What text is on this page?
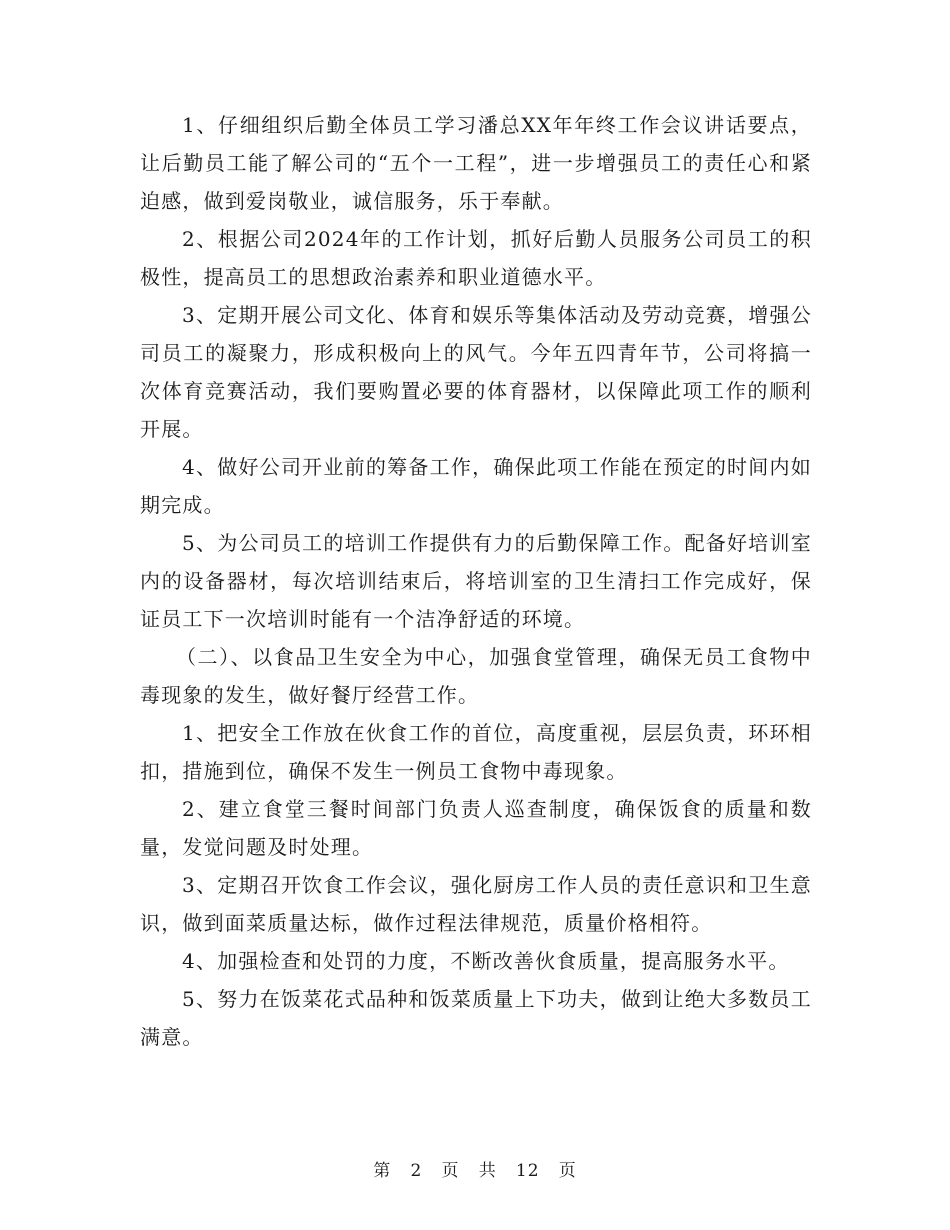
1、仔细组织后勤全体员工学习潘总XX年年终工作会议讲话要点，让后勤员工能了解公司的“五个一工程”，进一步增强员工的责任心和紧迫感，做到爱岗敬业，诚信服务，乐于奉献。

2、根据公司2024年的工作计划，抓好后勤人员服务公司员工的积极性，提高员工的思想政治素养和职业道德水平。

3、定期开展公司文化、体育和娱乐等集体活动及劳动竞赛，增强公司员工的凝聚力，形成积极向上的风气。今年五四青年节，公司将搞一次体育竞赛活动，我们要购置必要的体育器材，以保障此项工作的顺利开展。

4、做好公司开业前的筹备工作，确保此项工作能在预定的时间内如期完成。

5、为公司员工的培训工作提供有力的后勤保障工作。配备好培训室内的设备器材，每次培训结束后，将培训室的卫生清扫工作完成好，保证员工下一次培训时能有一个洁净舒适的环境。

（二）、以食品卫生安全为中心，加强食堂管理，确保无员工食物中毒现象的发生，做好餐厅经营工作。

1、把安全工作放在伙食工作的首位，高度重视，层层负责，环环相扣，措施到位，确保不发生一例员工食物中毒现象。

2、建立食堂三餐时间部门负责人巡查制度，确保饭食的质量和数量，发觉问题及时处理。

3、定期召开饮食工作会议，强化厨房工作人员的责任意识和卫生意识，做到面菜质量达标，做作过程法律规范，质量价格相符。

4、加强检查和处罚的力度，不断改善伙食质量，提高服务水平。

5、努力在饭菜花式品种和饭菜质量上下功夫，做到让绝大多数员工满意。

第 2 页 共 12 页
